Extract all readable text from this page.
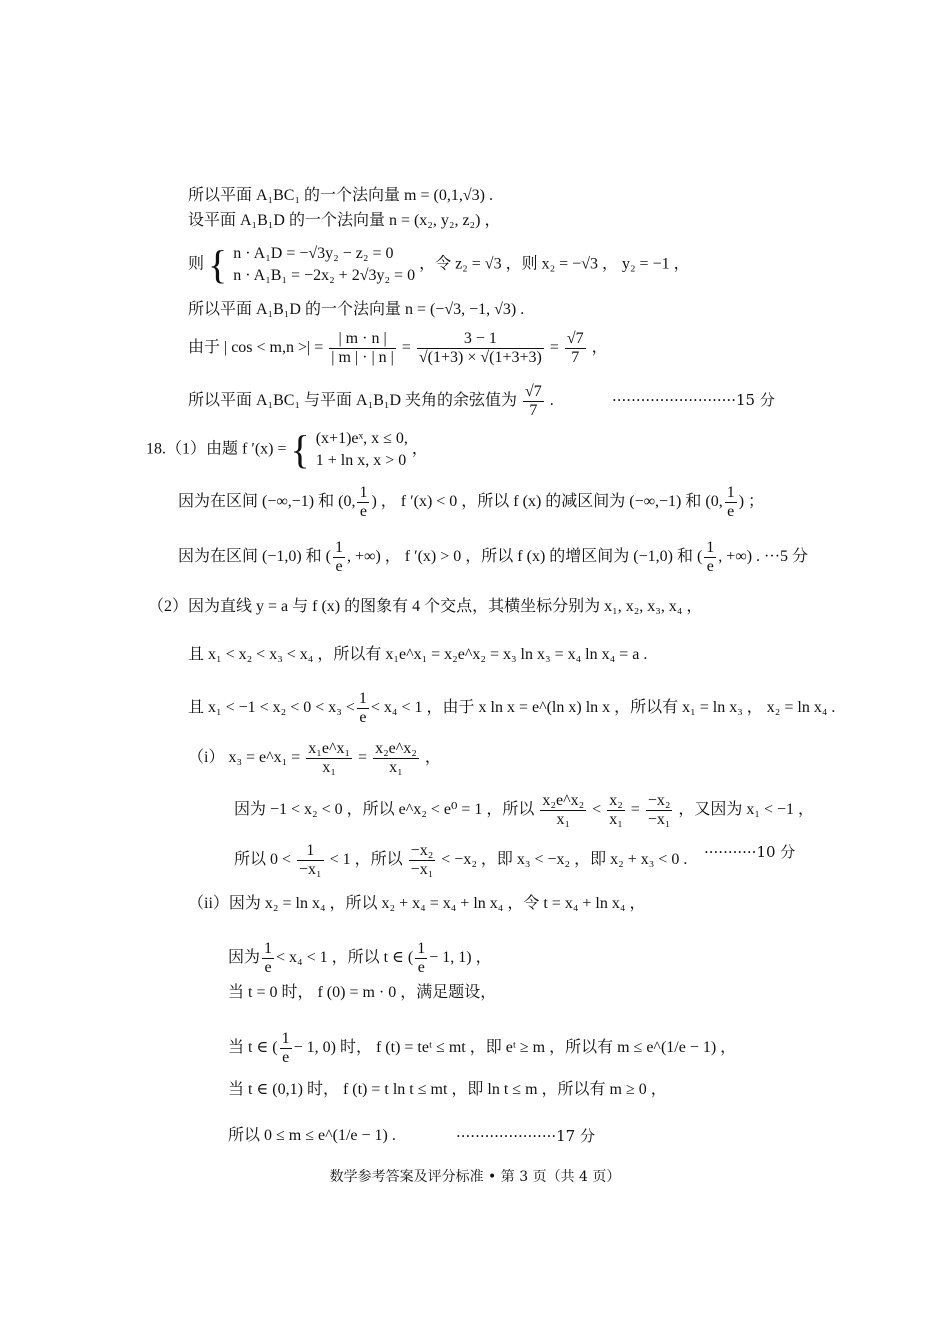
所以平面 A₁BC₁ 的一个法向量 m = (0,1,√3) .
设平面 A₁B₁D 的一个法向量 n = (x₂, y₂, z₂) ，
则 { n · A₁D = −√3y₂ − z₂ = 0
n · A₁B₁ = −2x₂ + 2√3y₂ = 0
，令 z₂ = √3 ，则 x₂ = −√3 ， y₂ = −1 ，
所以平面 A₁B₁D 的一个法向量 n = (−√3, −1, √3) .
由于 | cos < m,n >| = $\frac{| m \cdot n |}{| m | \cdot | n |} = \frac{3 - 1}{√(1+3) \times √(1+3+3)} = \frac{√7}{7}$ ，
所以平面 A₁BC₁ 与平面 A₁B₁D 夹角的余弦值为 $\frac{√7}{7}$ .	··························15 分
18.（1）由题 f ′(x) = { (x+1)eˣ, x ≤ 0,
1 + ln x, x > 0
，
因为在区间 (−∞,−1) 和 (0, $\frac{1}{e}$ ) ， f ′(x) < 0 ，所以 f (x) 的减区间为 (−∞,−1) 和 (0, $\frac{1}{e}$ ) ；
因为在区间 (−1,0) 和 ( $\frac{1}{e}$ , +∞) ， f ′(x) > 0 ，所以 f (x) 的增区间为 (−1,0) 和 ( $\frac{1}{e}$ , +∞) . ···5 分
（2）因为直线 y = a 与 f (x) 的图象有 4 个交点，其横坐标分别为 x₁, x₂, x₃, x₄ ，
且 x₁ < x₂ < x₃ < x₄ ，所以有 x₁e^x₁ = x₂e^x₂ = x₃ ln x₃ = x₄ ln x₄ = a .
且 $x_1 < -1 < x_2 < 0 < x_3 < \frac{1}{e} < x_4 < 1$ ，由于 x ln x = e^(ln x) ln x ，所以有 x₁ = ln x₃ ， x₂ = ln x₄ .
（i） x₃ = e^x₁ = $\frac{\text{x₁e\textasciicircum{}x₁}}{\text{x₁}} = \frac{\text{x₂e\textasciicircum{}x₂}}{\text{x₁}}$ ，
因为 −1 < x₂ < 0 ，所以 e^x₂ < e⁰ = 1 ，所以 $\frac{\text{x₂e\textasciicircum{}x₂}}{\text{x₁}} < \frac{\text{x₂}}{\text{x₁}} = \frac{\text{−x₂}}{\text{−x₁}}$ ，又因为 x₁ < −1 ，
所以 $0 < \frac{1}{\text{−x₁}} < 1$ ，所以 $\frac{\text{−x₂}}{\text{−x₁}} < -x_2$ ，即 x₃ < −x₂ ，即 x₂ + x₃ < 0 . ···········10 分
（ii）因为 x₂ = ln x₄ ，所以 x₂ + x₄ = x₄ + ln x₄ ，令 t = x₄ + ln x₄ ，
因为 $\frac{1}{e} < x_4 < 1$ ，所以 t ∈ ( $\frac{1}{e} - 1$, 1) ，
当 t = 0 时， f (0) = m · 0 ，满足题设，
当 t ∈ ( $\frac{1}{e} - 1$, 0) 时， f (t) = teᵗ ≤ mt ，即 eᵗ ≥ m ，所以有 m ≤ e^(1/e − 1) ，
当 t ∈ (0,1) 时， f (t) = t ln t ≤ mt ，即 ln t ≤ m ，所以有 m ≥ 0 ，
所以 0 ≤ m ≤ e^(1/e − 1) .	·····················17 分
数学参考答案及评分标准 • 第 3 页（共 4 页）
